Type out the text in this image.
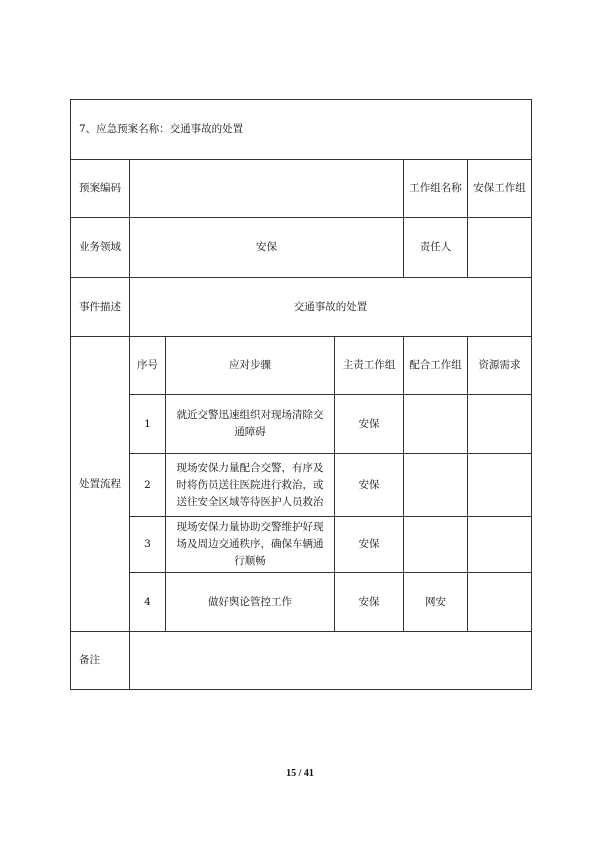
7、应急预案名称：交通事故的处置					
预案编码				工作组名称	安保工作组
业务领域	安保			责任人	
事件描述	交通事故的处置				
处置流程	序号	应对步骤	主责工作组	配合工作组	资源需求
	1	就近交警迅速组织对现场清除交通障碍	安保		
	2	现场安保力量配合交警，有序及时将伤员送往医院进行救治，或送往安全区域等待医护人员救治	安保		
	3	现场安保力量协助交警维护好现场及周边交通秩序，确保车辆通行顺畅	安保		
	4	做好舆论管控工作	安保	网安	
备注					
15 / 41
